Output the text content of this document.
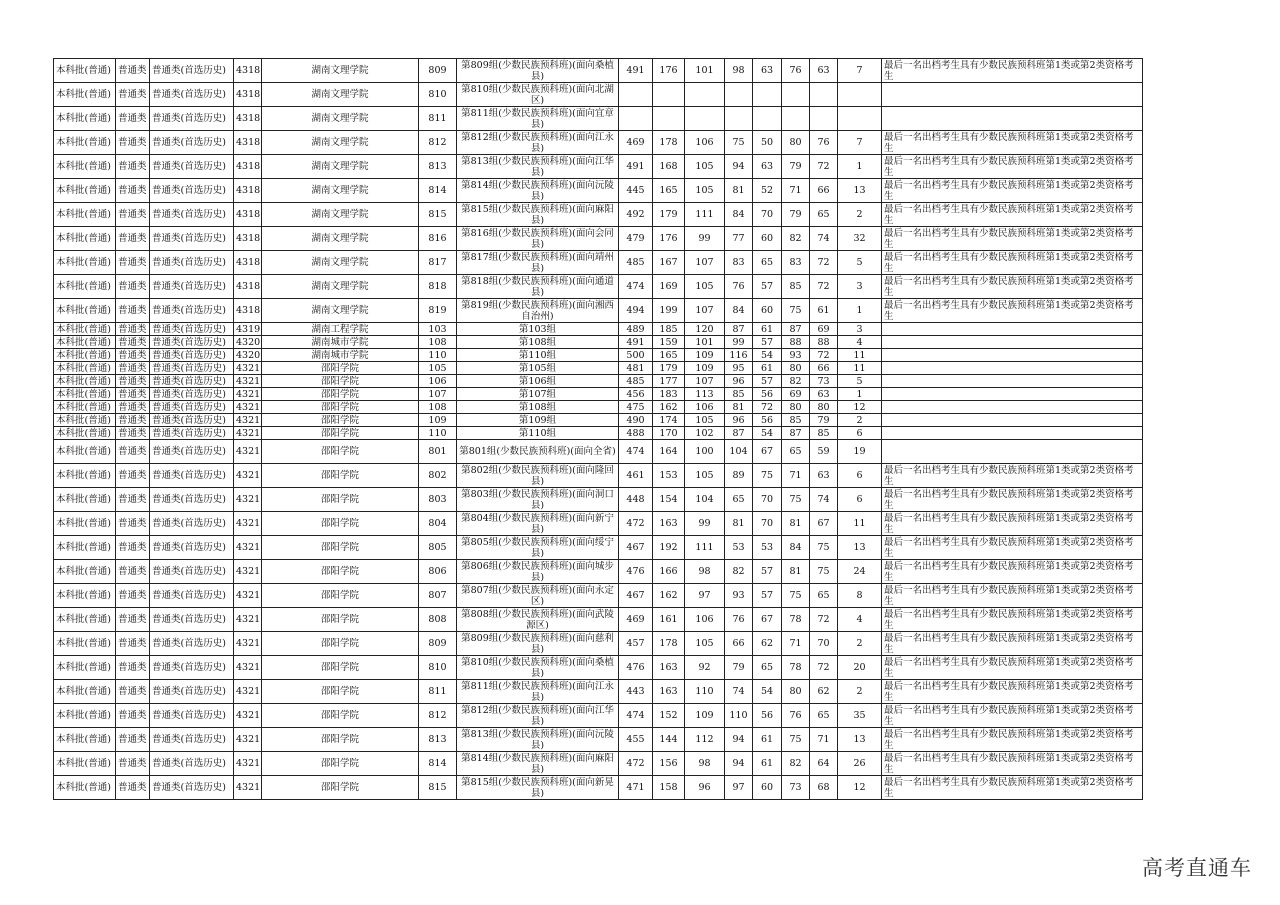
本科批(普通)	普通类	普通类(首选历史)	4318	湖南文理学院	809	第809组(少数民族预科班)(面向桑植县)	491	176	101	98	63	76	63	7	最后一名出档考生具有少数民族预科班第1类或第2类资格考生
本科批(普通)	普通类	普通类(首选历史)	4318	湖南文理学院	810	第810组(少数民族预科班)(面向北湖区)									
本科批(普通)	普通类	普通类(首选历史)	4318	湖南文理学院	811	第811组(少数民族预科班)(面向宜章县)									
本科批(普通)	普通类	普通类(首选历史)	4318	湖南文理学院	812	第812组(少数民族预科班)(面向江永县)	469	178	106	75	50	80	76	7	最后一名出档考生具有少数民族预科班第1类或第2类资格考生
本科批(普通)	普通类	普通类(首选历史)	4318	湖南文理学院	813	第813组(少数民族预科班)(面向江华县)	491	168	105	94	63	79	72	1	最后一名出档考生具有少数民族预科班第1类或第2类资格考生
本科批(普通)	普通类	普通类(首选历史)	4318	湖南文理学院	814	第814组(少数民族预科班)(面向沅陵县)	445	165	105	81	52	71	66	13	最后一名出档考生具有少数民族预科班第1类或第2类资格考生
本科批(普通)	普通类	普通类(首选历史)	4318	湖南文理学院	815	第815组(少数民族预科班)(面向麻阳县)	492	179	111	84	70	79	65	2	最后一名出档考生具有少数民族预科班第1类或第2类资格考生
本科批(普通)	普通类	普通类(首选历史)	4318	湖南文理学院	816	第816组(少数民族预科班)(面向会同县)	479	176	99	77	60	82	74	32	最后一名出档考生具有少数民族预科班第1类或第2类资格考生
本科批(普通)	普通类	普通类(首选历史)	4318	湖南文理学院	817	第817组(少数民族预科班)(面向靖州县)	485	167	107	83	65	83	72	5	最后一名出档考生具有少数民族预科班第1类或第2类资格考生
本科批(普通)	普通类	普通类(首选历史)	4318	湖南文理学院	818	第818组(少数民族预科班)(面向通道县)	474	169	105	76	57	85	72	3	最后一名出档考生具有少数民族预科班第1类或第2类资格考生
本科批(普通)	普通类	普通类(首选历史)	4318	湖南文理学院	819	第819组(少数民族预科班)(面向湘西自治州)	494	199	107	84	60	75	61	1	最后一名出档考生具有少数民族预科班第1类或第2类资格考生
本科批(普通)	普通类	普通类(首选历史)	4319	湖南工程学院	103	第103组	489	185	120	87	61	87	69	3	
本科批(普通)	普通类	普通类(首选历史)	4320	湖南城市学院	108	第108组	491	159	101	99	57	88	88	4	
本科批(普通)	普通类	普通类(首选历史)	4320	湖南城市学院	110	第110组	500	165	109	116	54	93	72	11	
本科批(普通)	普通类	普通类(首选历史)	4321	邵阳学院	105	第105组	481	179	109	95	61	80	66	11	
本科批(普通)	普通类	普通类(首选历史)	4321	邵阳学院	106	第106组	485	177	107	96	57	82	73	5	
本科批(普通)	普通类	普通类(首选历史)	4321	邵阳学院	107	第107组	456	183	113	85	56	69	63	1	
本科批(普通)	普通类	普通类(首选历史)	4321	邵阳学院	108	第108组	475	162	106	81	72	80	80	12	
本科批(普通)	普通类	普通类(首选历史)	4321	邵阳学院	109	第109组	490	174	105	96	56	85	79	2	
本科批(普通)	普通类	普通类(首选历史)	4321	邵阳学院	110	第110组	488	170	102	87	54	87	85	6	
本科批(普通)	普通类	普通类(首选历史)	4321	邵阳学院	801	第801组(少数民族预科班)(面向全省)	474	164	100	104	67	65	59	19	
本科批(普通)	普通类	普通类(首选历史)	4321	邵阳学院	802	第802组(少数民族预科班)(面向隆回县)	461	153	105	89	75	71	63	6	最后一名出档考生具有少数民族预科班第1类或第2类资格考生
本科批(普通)	普通类	普通类(首选历史)	4321	邵阳学院	803	第803组(少数民族预科班)(面向洞口县)	448	154	104	65	70	75	74	6	最后一名出档考生具有少数民族预科班第1类或第2类资格考生
本科批(普通)	普通类	普通类(首选历史)	4321	邵阳学院	804	第804组(少数民族预科班)(面向新宁县)	472	163	99	81	70	81	67	11	最后一名出档考生具有少数民族预科班第1类或第2类资格考生
本科批(普通)	普通类	普通类(首选历史)	4321	邵阳学院	805	第805组(少数民族预科班)(面向绥宁县)	467	192	111	53	53	84	75	13	最后一名出档考生具有少数民族预科班第1类或第2类资格考生
本科批(普通)	普通类	普通类(首选历史)	4321	邵阳学院	806	第806组(少数民族预科班)(面向城步县)	476	166	98	82	57	81	75	24	最后一名出档考生具有少数民族预科班第1类或第2类资格考生
本科批(普通)	普通类	普通类(首选历史)	4321	邵阳学院	807	第807组(少数民族预科班)(面向永定区)	467	162	97	93	57	75	65	8	最后一名出档考生具有少数民族预科班第1类或第2类资格考生
本科批(普通)	普通类	普通类(首选历史)	4321	邵阳学院	808	第808组(少数民族预科班)(面向武陵源区)	469	161	106	76	67	78	72	4	最后一名出档考生具有少数民族预科班第1类或第2类资格考生
本科批(普通)	普通类	普通类(首选历史)	4321	邵阳学院	809	第809组(少数民族预科班)(面向慈利县)	457	178	105	66	62	71	70	2	最后一名出档考生具有少数民族预科班第1类或第2类资格考生
本科批(普通)	普通类	普通类(首选历史)	4321	邵阳学院	810	第810组(少数民族预科班)(面向桑植县)	476	163	92	79	65	78	72	20	最后一名出档考生具有少数民族预科班第1类或第2类资格考生
本科批(普通)	普通类	普通类(首选历史)	4321	邵阳学院	811	第811组(少数民族预科班)(面向江永县)	443	163	110	74	54	80	62	2	最后一名出档考生具有少数民族预科班第1类或第2类资格考生
本科批(普通)	普通类	普通类(首选历史)	4321	邵阳学院	812	第812组(少数民族预科班)(面向江华县)	474	152	109	110	56	76	65	35	最后一名出档考生具有少数民族预科班第1类或第2类资格考生
本科批(普通)	普通类	普通类(首选历史)	4321	邵阳学院	813	第813组(少数民族预科班)(面向沅陵县)	455	144	112	94	61	75	71	13	最后一名出档考生具有少数民族预科班第1类或第2类资格考生
本科批(普通)	普通类	普通类(首选历史)	4321	邵阳学院	814	第814组(少数民族预科班)(面向麻阳县)	472	156	98	94	61	82	64	26	最后一名出档考生具有少数民族预科班第1类或第2类资格考生
本科批(普通)	普通类	普通类(首选历史)	4321	邵阳学院	815	第815组(少数民族预科班)(面向新晃县)	471	158	96	97	60	73	68	12	最后一名出档考生具有少数民族预科班第1类或第2类资格考生
高考直通车
